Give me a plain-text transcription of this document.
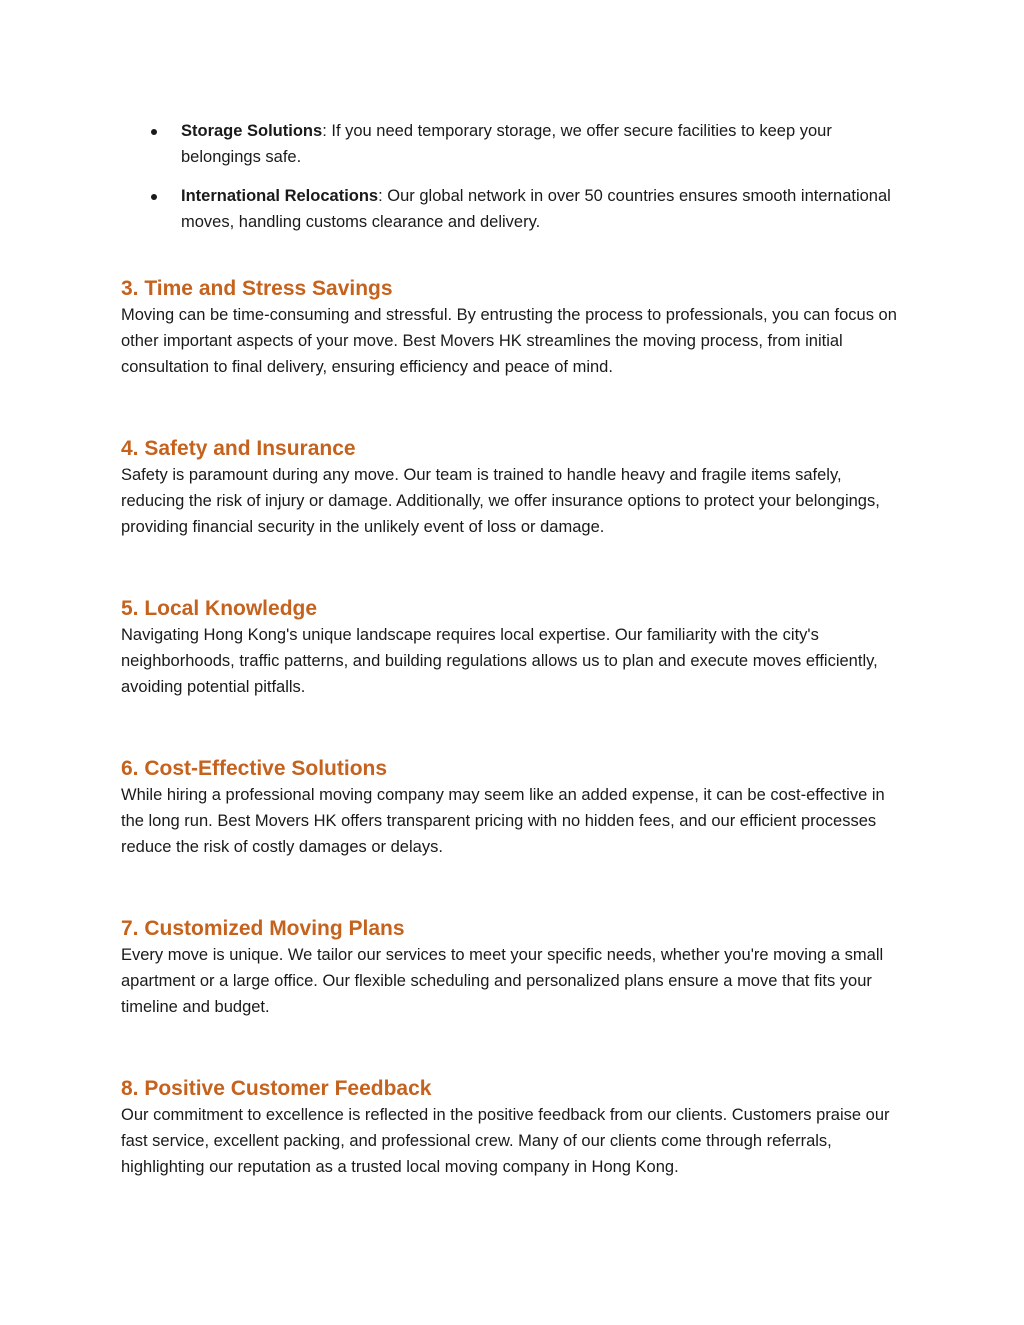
Storage Solutions: If you need temporary storage, we offer secure facilities to keep your belongings safe.
International Relocations: Our global network in over 50 countries ensures smooth international moves, handling customs clearance and delivery.
3. Time and Stress Savings

Moving can be time-consuming and stressful. By entrusting the process to professionals, you can focus on other important aspects of your move. Best Movers HK streamlines the moving process, from initial consultation to final delivery, ensuring efficiency and peace of mind.

4. Safety and Insurance

Safety is paramount during any move. Our team is trained to handle heavy and fragile items safely, reducing the risk of injury or damage. Additionally, we offer insurance options to protect your belongings, providing financial security in the unlikely event of loss or damage.

5. Local Knowledge

Navigating Hong Kong's unique landscape requires local expertise. Our familiarity with the city's neighborhoods, traffic patterns, and building regulations allows us to plan and execute moves efficiently, avoiding potential pitfalls.

6. Cost-Effective Solutions

While hiring a professional moving company may seem like an added expense, it can be cost-effective in the long run. Best Movers HK offers transparent pricing with no hidden fees, and our efficient processes reduce the risk of costly damages or delays.

7. Customized Moving Plans

Every move is unique. We tailor our services to meet your specific needs, whether you're moving a small apartment or a large office. Our flexible scheduling and personalized plans ensure a move that fits your timeline and budget.

8. Positive Customer Feedback

Our commitment to excellence is reflected in the positive feedback from our clients. Customers praise our fast service, excellent packing, and professional crew. Many of our clients come through referrals, highlighting our reputation as a trusted local moving company in Hong Kong.
